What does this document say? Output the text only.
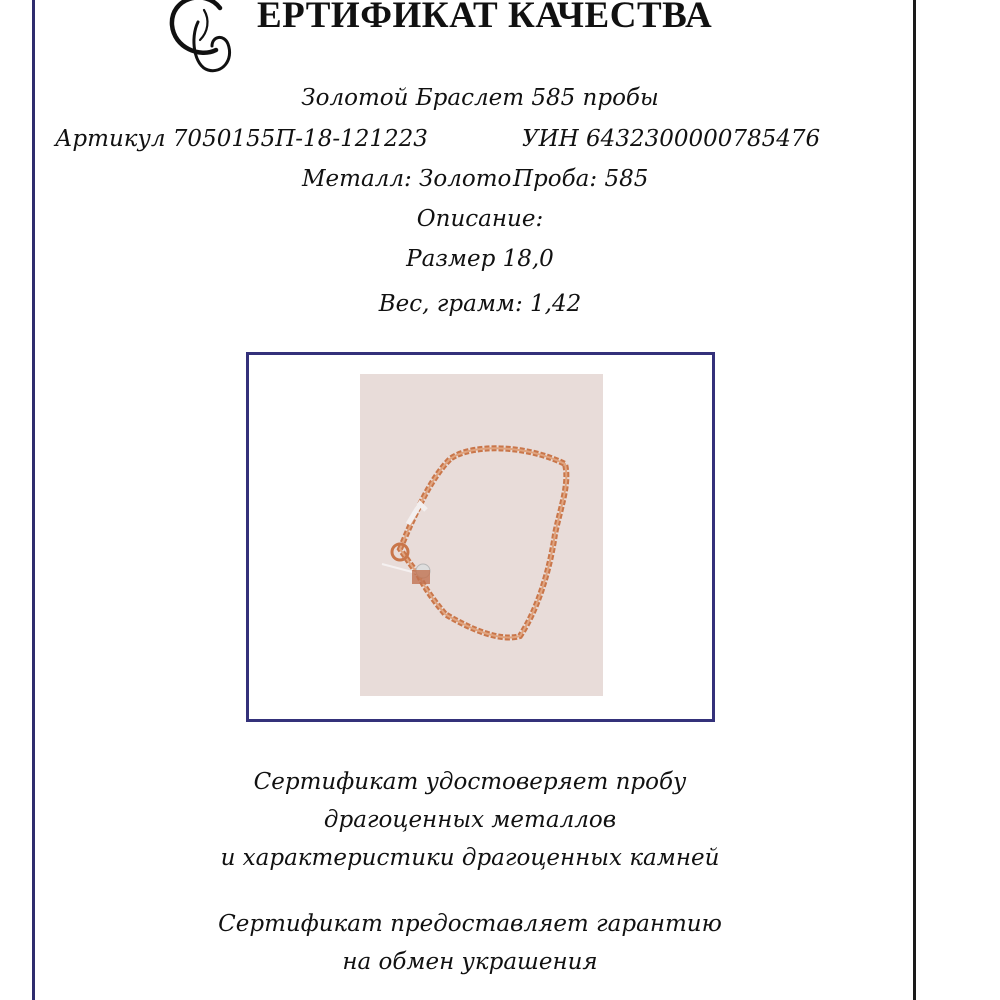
ЕРТИФИКАТ КАЧЕСТВА
Золотой Браслет 585 пробы
Артикул 7050155П-18-121223	УИН 6432300000785476
Металл: Золото Проба: 585
Описание:
Размер 18,0
Вес, грамм: 1,42
Сертификат удостоверяет пробу
драгоценных металлов
и характеристики драгоценных камней
Сертификат предоставляет гарантию
на обмен украшения
